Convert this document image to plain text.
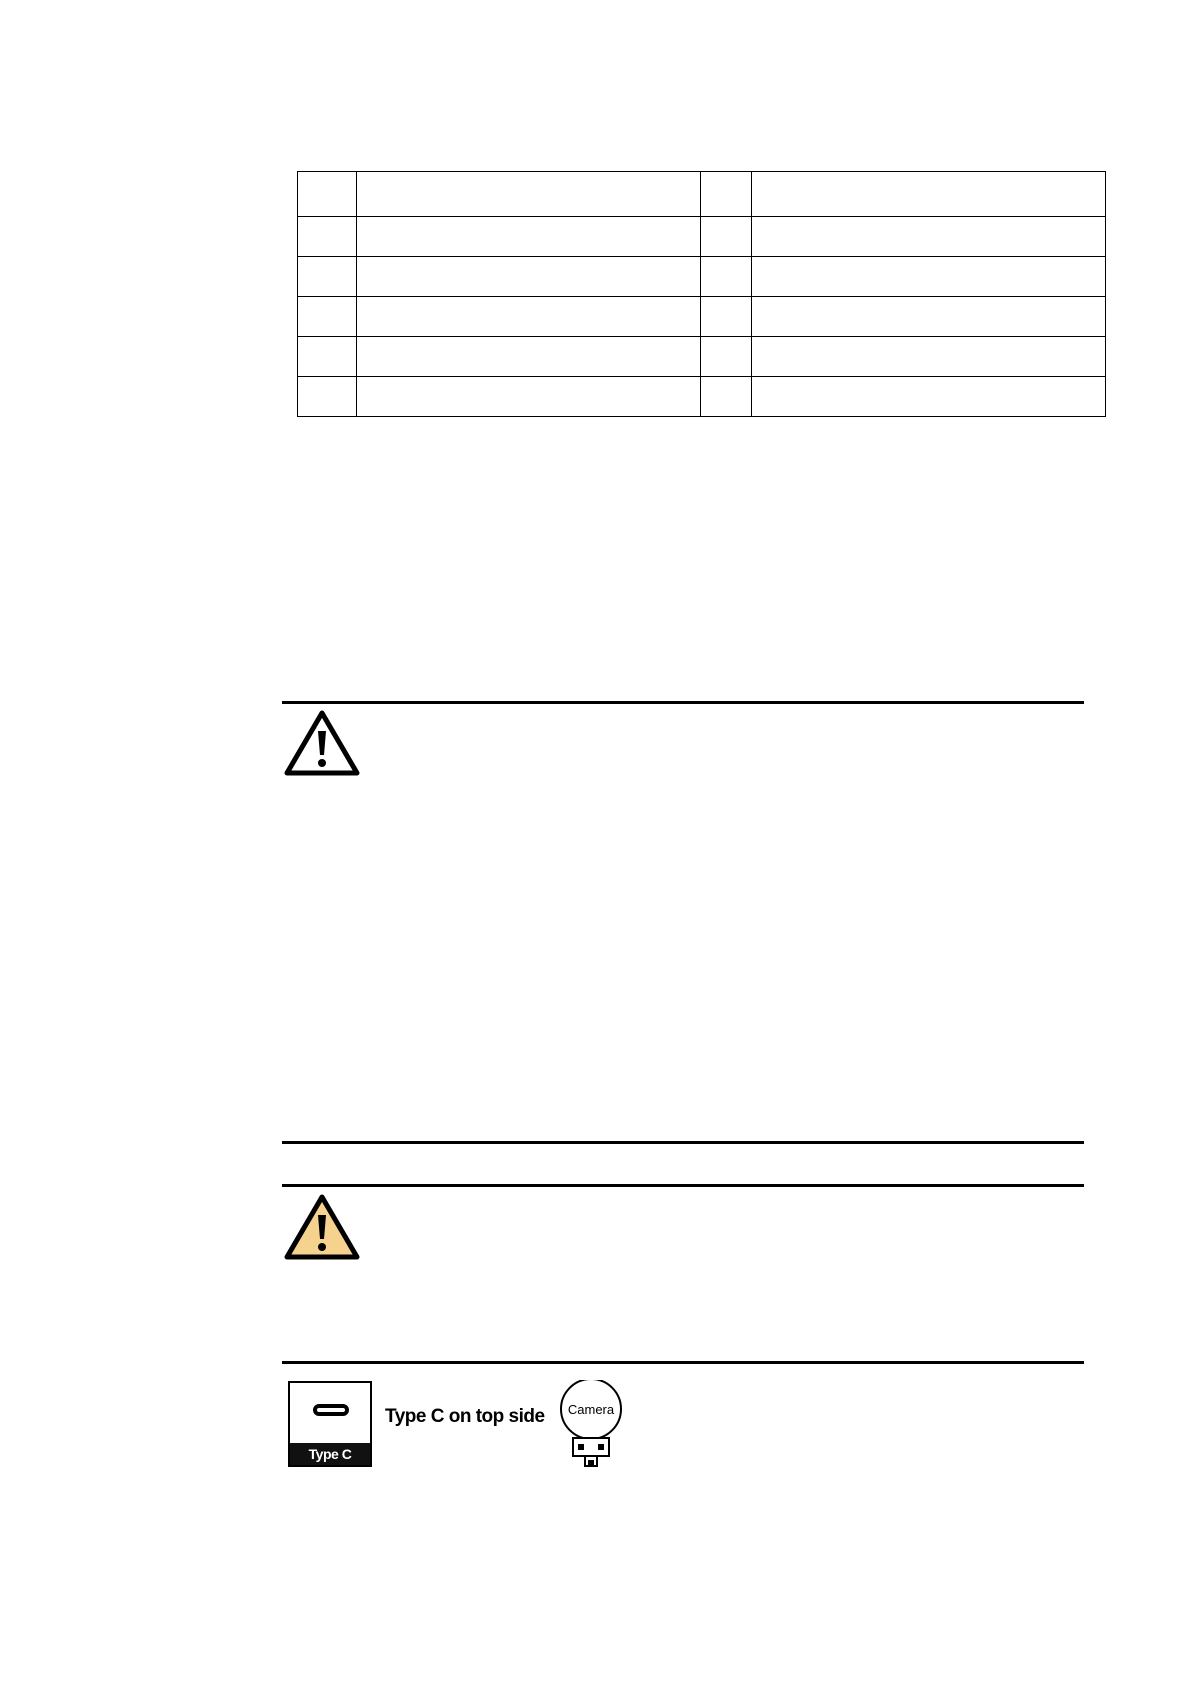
Type C
Type C on top side	Camera
